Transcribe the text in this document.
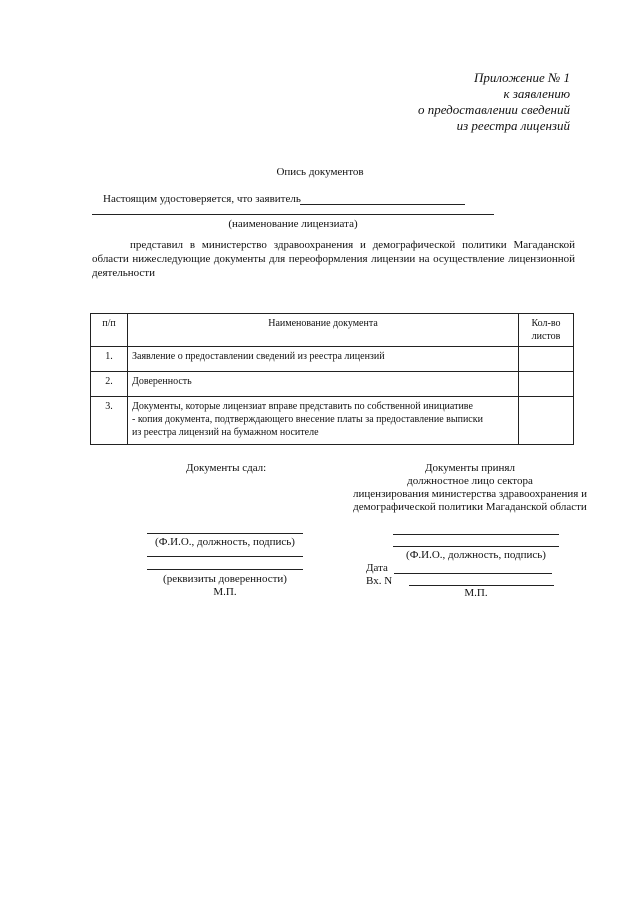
Приложение № 1
к заявлению
о предоставлении сведений
из реестра лицензий
Опись документов
Настоящим удостоверяется, что заявитель
(наименование лицензиата)
представил в министерство здравоохранения и демографической политики Магаданской
области нижеследующие документы для переоформления лицензии на осуществление лицензионной
деятельности
п/п	Наименование документа	Кол-во
листов

1.	Заявление о предоставлении сведений из реестра лицензий	
2.	Доверенность	
3.	Документы, которые лицензиат вправе представить по собственной инициативе
- копия документа, подтверждающего внесение платы за предоставление выписки
из реестра лицензий на бумажном носителе	

Документы сдал:
(Ф.И.О., должность, подпись)
(реквизиты доверенности)
М.П.
Документы принял
должностное лицо сектора
лицензирования министерства здравоохранения и
демографической политики Магаданской области
(Ф.И.О., должность, подпись)
Дата
Вх. N
М.П.
